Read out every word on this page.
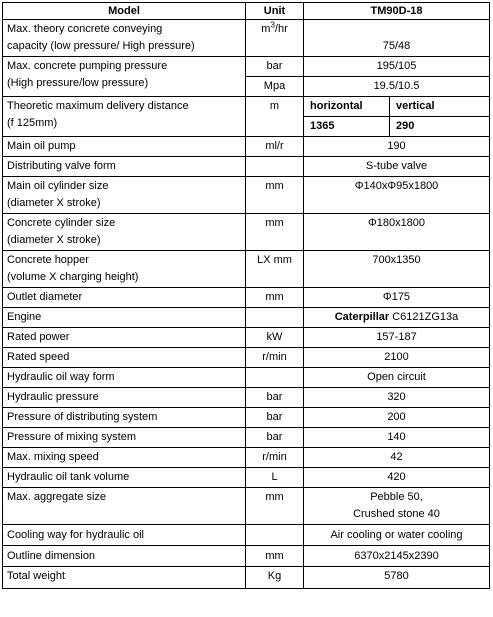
Model	Unit	TM90D-18	
Max. theory concrete conveying
capacity (low pressure/ High pressure)	$m^3/hr$	75/48	
Max. concrete pumping pressure
(High pressure/low pressure)	bar	195/105	
	Mpa	19.5/10.5	
Theoretic maximum delivery distance
(f 125mm)	m	horizontal	vertical
		1365	290
Main oil pump	ml/r	190	
Distributing valve form		S-tube valve	
Main oil cylinder size
(diameter X stroke)	mm	Φ140xΦ95x1800	
Concrete cylinder size
(diameter X stroke)	mm	Φ180x1800	
Concrete hopper
(volume X charging height)	LX mm	700x1350	
Outlet diameter	mm	Φ175	
Engine		Caterpillar C6121ZG13a	
Rated power	kW	157-187	
Rated speed	r/min	2100	
Hydraulic oil way form		Open circuit	
Hydraulic pressure	bar	320	
Pressure of distributing system	bar	200	
Pressure of mixing system	bar	140	
Max. mixing speed	r/min	42	
Hydraulic oil tank volume	L	420	
Max. aggregate size	mm	Pebble 50,
Crushed stone 40	
Cooling way for hydraulic oil		Air cooling or water cooling	
Outline dimension	mm	6370x2145x2390	
Total weight	Kg	5780	
